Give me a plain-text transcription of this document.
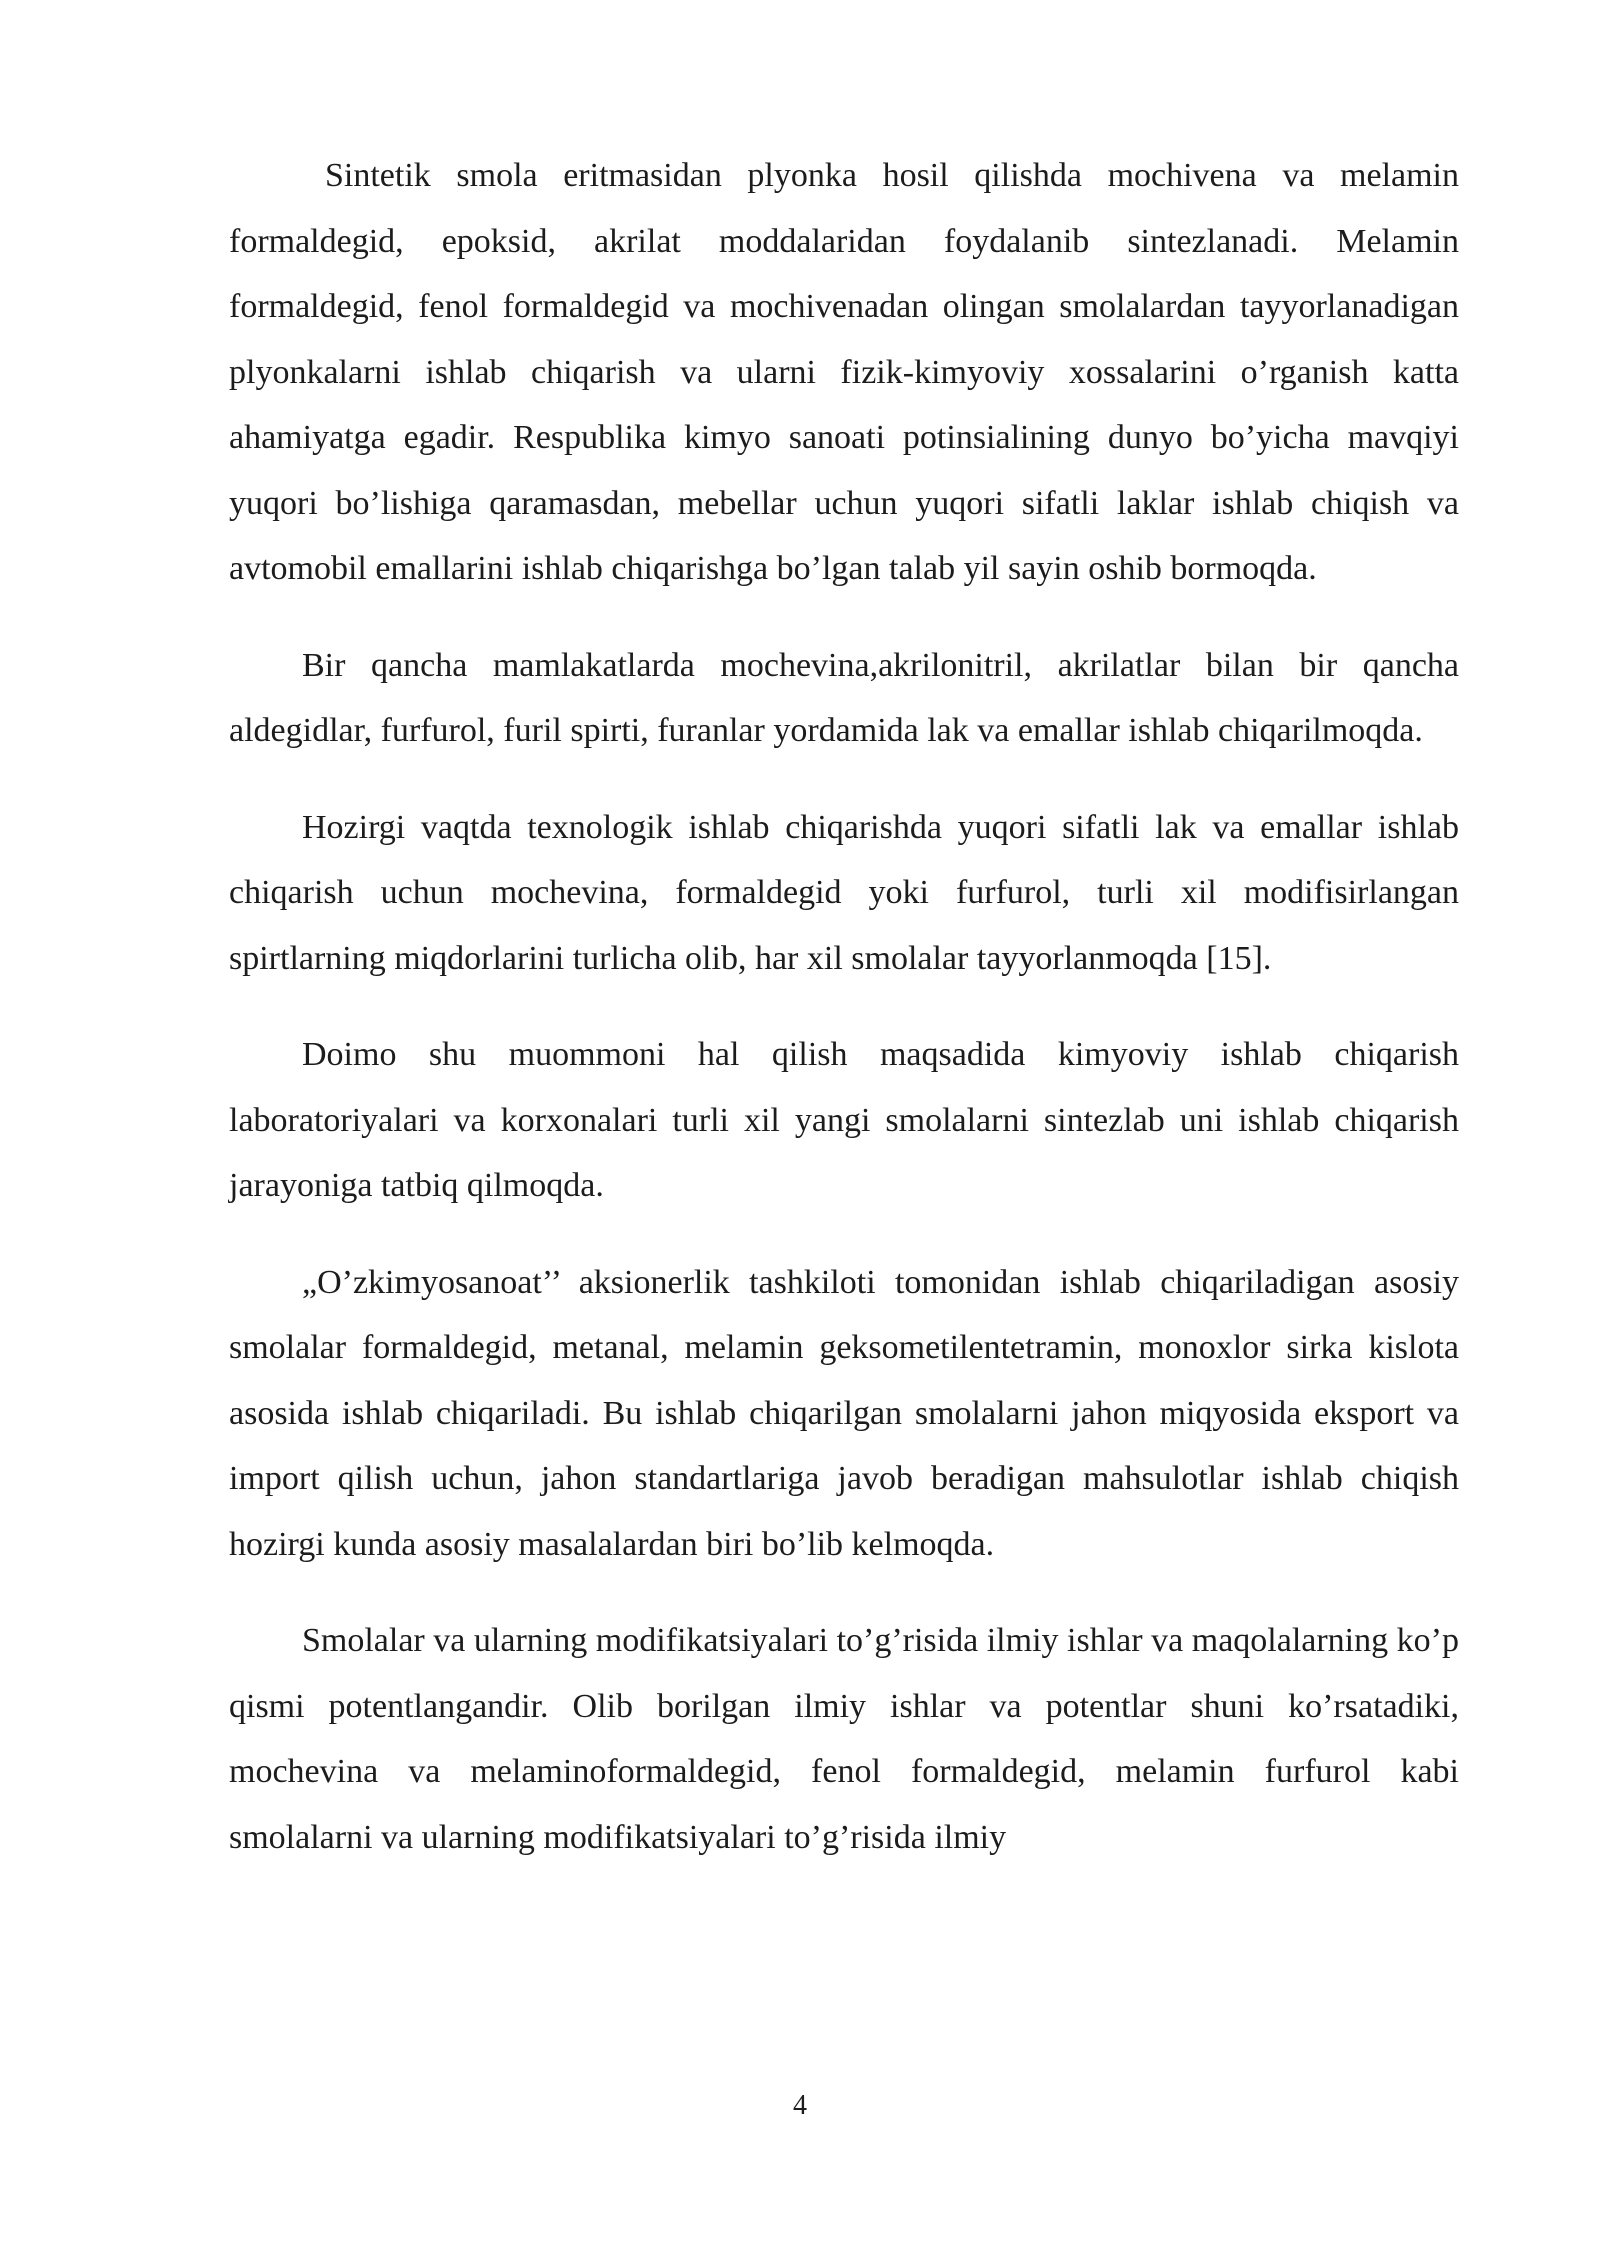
Sintetik smola eritmasidan plyonka hosil qilishda mochivena va melamin formaldegid, epoksid, akrilat moddalaridan foydalanib sintezlanadi. Melamin formaldegid, fenol formaldegid va mochivenadan olingan smolalardan tayyorlanadigan plyonkalarni ishlab chiqarish va ularni fizik-kimyoviy xossalarini o’rganish katta ahamiyatga egadir. Respublika kimyo sanoati potinsialining dunyo bo’yicha mavqiyi yuqori bo’lishiga qaramasdan, mebellar uchun yuqori sifatli laklar ishlab chiqish va avtomobil emallarini ishlab chiqarishga bo’lgan talab yil sayin oshib bormoqda.

Bir qancha mamlakatlarda mochevina,akrilonitril, akrilatlar bilan bir qancha aldegidlar, furfurol, furil spirti, furanlar yordamida lak va emallar ishlab chiqarilmoqda.

Hozirgi vaqtda texnologik ishlab chiqarishda yuqori sifatli lak va emallar ishlab chiqarish uchun mochevina, formaldegid yoki furfurol, turli xil modifisirlangan spirtlarning miqdorlarini turlicha olib, har xil smolalar tayyorlanmoqda [15].

Doimo shu muommoni hal qilish maqsadida kimyoviy ishlab chiqarish laboratoriyalari va korxonalari turli xil yangi smolalarni sintezlab uni ishlab chiqarish jarayoniga tatbiq qilmoqda.

„O’zkimyosanoat’’ aksionerlik tashkiloti tomonidan ishlab chiqariladigan asosiy smolalar formaldegid, metanal, melamin geksometilentetramin, monoxlor sirka kislota asosida ishlab chiqariladi. Bu ishlab chiqarilgan smolalarni jahon miqyosida eksport va import qilish uchun, jahon standartlariga javob beradigan mahsulotlar ishlab chiqish hozirgi kunda asosiy masalalardan biri bo’lib kelmoqda.

Smolalar va ularning modifikatsiyalari to’g’risida ilmiy ishlar va maqolalarning ko’p qismi potentlangandir. Olib borilgan ilmiy ishlar va potentlar shuni ko’rsatadiki, mochevina va melaminoformaldegid, fenol formaldegid, melamin furfurol kabi smolalarni va ularning modifikatsiyalari to’g’risida ilmiy

4
